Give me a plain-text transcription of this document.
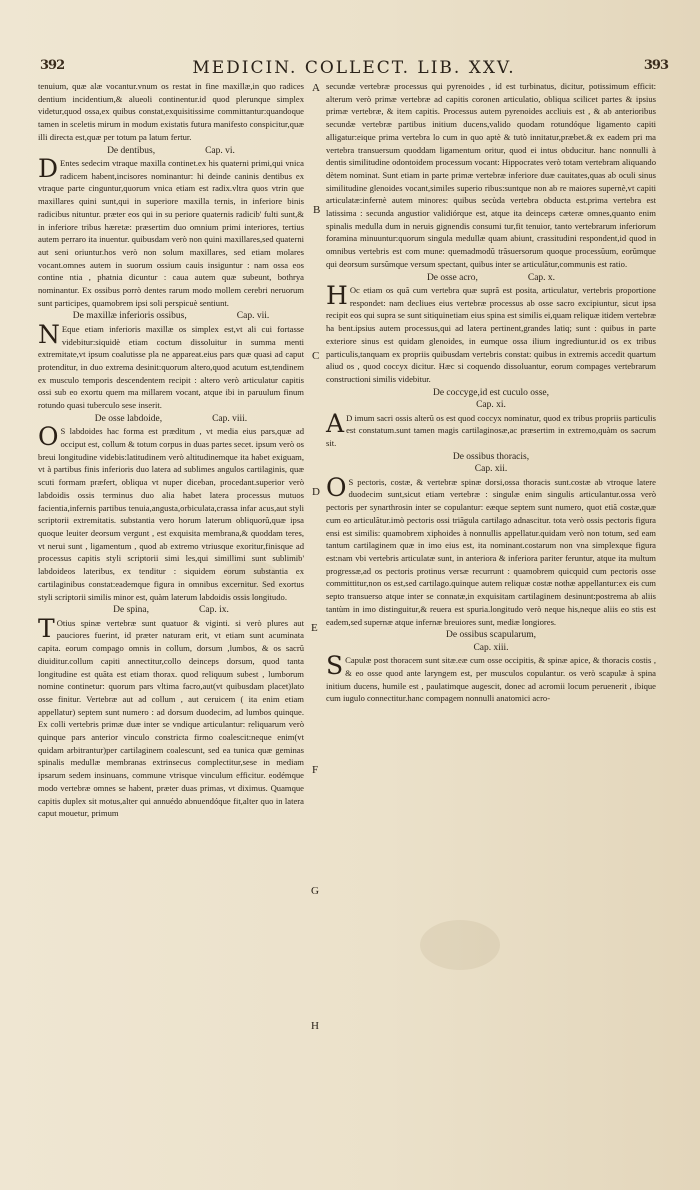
392	MEDICIN. COLLECT. LIB. XXV.	393
A
B
C
D
E
F
G
H

tenuium, quæ alæ vocantur.vnum os restat in fine maxillæ,in quo radices dentium incidentium,& alueoli continentur.id quod plerunque simplex videtur,quod ossa,ex quibus constat,exquisitissime committantur:quandoque tamen in sceletis mirum in modum existatis futura manifesto conspicitur,quæ illi directa est,quæ per totum pa latum fertur.

De dentibus,	Cap. vi.

D Entes sedecim vtraque maxilla continet.ex his quaterni primi,qui vnica radicem habent,incisores nominantur: hi deinde caninis dentibus ex vtraque parte cinguntur,quorum vnica etiam est radix.vltra quos vtrin que maxillares quini sunt,qui in superiore maxilla ternis, in inferiore binis radicibus nituntur. præter eos qui in su periore quaternis radicib' fulti sunt,& in inferiore tribus hæretæ: præsertim duo omnium primi interiores, tertius autem perraro ita inuentur. quibusdam verò non quini maxillares,sed quaterni aut seni oriuntur.hos verò non solum maxillares, sed etiam molares vocant.omnes autem in suorum ossium cauis insiguntur : nam ossa eos contine ntia , phatnia dicuntur : caua autem quæ subeunt, bothrya nominantur. Ex ossibus porrò dentes rarum modo mollem cerebri neruorum sunt participes, quamobrem ipsi soli perspicuè sentiunt.

De maxillæ inferioris ossibus,	Cap. vii.

N Eque etiam inferioris maxillæ os simplex est,vt ali cui fortasse videbitur:siquidè etiam coctum dissoluitur in summa menti extremitate,vt ipsum coalutisse pla ne appareat.eius pars quæ quasi ad caput protenditur, in duo extrema desinit:quorum altero,quod acutum est,tendinem ex musculo temporis descendentem recipit : altero verò articulatur capitis ossi sub eo exortu quem ma millarem vocant, atque ibi in paruulum finum rotundo quasi tuberculo sese inserit.

De osse labdoide,	Cap. viii.

O S labdoides hac forma est præditum , vt media eius pars,quæ ad occiput est, collum & totum corpus in duas partes secet. ipsum verò os breui longitudine videbis:latitudinem verò altitudinemque ita habet exiguam, vt à partibus finis inferioris duo latera ad sublimes angulos cartilaginis, quæ scuti formam præfert, obliqua vt nuper diceban, procedant.superior verò labdoidis ossis terminus duo alia habet latera processus mutuos facientia,infernis partibus tenuia,angusta,orbiculata,crassa infar acus,aut styli scriptorii extremitatis. substantia vero horum laterum obliquorũ,quæ ipsa quoque leuiter deorsum vergunt , est exquisita membrana,& quoddam teres, vt nerui sunt , ligamentum , quod ab extremo vtriusque exoritur,finisque ad processus capitis styli scriptorii simi les,qui simillimi sunt sublimib' labdoideos lateribus, ex tenditur : siquidem eorum substantia ex cartilaginibus constat:eademque figura in omnibus excernitur. Sed exortus styli scriptorii similis minor est, quàm laterum labdoidis ossis longitudo.

De spina,	Cap. ix.

T Otius spinæ vertebræ sunt quatuor & viginti. si verò plures aut pauciores fuerint, id præter naturam erit, vt etiam sunt acuminata capita. eorum compago omnis in collum, dorsum ,lumbos, & os sacrũ diuiditur.collum capiti annectitur,collo deinceps dorsum, quod tanta longitudine est quãta est etiam thorax. quod reliquum subest , lumborum nomine continetur: quorum pars vltima facro,aut(vt quibusdam placet)lato osse finitur. Vertebræ aut ad collum , aut ceruicem ( ita enim etiam appellatur) septem sunt numero : ad dorsum duodecim, ad lumbos quinque. Ex colli vertebris primæ duæ inter se vndique articulantur: reliquarum verò quinque pars anterior vinculo constricta firmo coalescit:neque enim(vt quidam arbitrantur)per cartilaginem coalescunt, sed ea tunica quæ geminas spinalis medullæ membranas extrinsecus complectitur,sese in mediam ipsarum sedem insinuans, commune vtrisque vinculum efficitur. eodémque modo vertebræ omnes se habent, præter duas primas, vt diximus. Quamque capitis duplex sit motus,alter qui annuédo abnuendóque fit,alter quo in latera caput mouetur, primum

secundæ vertebræ processus qui pyrenoides , id est turbinatus, dicitur, potissimum efficit: alterum verò primæ vertebræ ad capitis coronen articulatio, obliqua scilicet partes & ipsius primæ vertebræ, & item capitis. Processus autem pyrenoides accliuis est , & ab anterioribus secundæ vertebræ partibus initium ducens,valido quodam rotundóque ligamento capiti alligatur:eique prima vertebra lo cum in quo aptè & tutò innitatur,præbet.& ex eadem pri ma vertebra transuersum quoddam ligamentum oritur, quod ei intus obducitur. hanc nonnulli à dentis similitudine odontoidem processum vocant: Hippocrates verò totam vertebram aliquando dètem nominat. Sunt etiam in parte primæ vertebræ inferiore duæ cauitates,quas ab oculi sinus similitudine glenoides vocant,similes superio ribus:suntque non ab re maiores supernè,vt capiti articulatæ:infernè autem minores: quibus secùda vertebra obducta est.prima vertebra est latissima : secunda angustior validiórque est, atque ita deinceps cæteræ omnes,quanto enim spinalis medulla dum in neruis gignendis consumi tur,fit tenuior, tanto vertebrarum inferiorum foramina minuuntur:quorum singula medullæ quam abiunt, crassitudini respondent,id quod in omnibus vertebris est com mune: quemadmodũ trãsuersorum quoque processũum, eorũmque qui deorsum sursũmque versum spectant, quibus inter se articulãtur,communis est ratio.

De osse acro,	Cap. x.

H Oc etiam os quã cum vertebra quæ suprã est posita, articulatur, vertebris proportione respondet: nam decliues eius vertebræ processus ab osse sacro excipiuntur, sicut ipsa recipit eos qui supra se sunt sitiquinetiam eius spina est similis ei,quam reliquæ itidem vertebræ ha bent.ipsius autem processus,qui ad latera pertinent,grandes latiq; sunt : quibus in parte exteriore sinus est quidam glenoides, in eumque ossa ilium ingrediuntur.id os ex tribus particulis,tanquam ex propriis quibusdam vertebris constat: quibus in extremis accedit quartum aliud os , quod coccyx dicitur. Hæc si coquendo dissoluantur, eorum compages vertebrarum constructioni similis videbitur.

De coccyge,id est cuculo osse,
Cap. xi.

A D imum sacri ossis alterũ os est quod coccyx nominatur, quod ex tribus propriis particulis est constatum.sunt tamen magis cartilaginosæ,ac præsertim in extremo,quàm os sacrum sit.

De ossibus thoracis,
Cap. xii.

O S pectoris, costæ, & vertebræ spinæ dorsi,ossa thoracis sunt.costæ ab vtroque latere duodecim sunt,sicut etiam vertebræ : singulæ enim singulis articulantur.ossa verò pectoris per synarthrosin inter se copulantur: eæque septem sunt numero, quot etiã costæ,quæ cum eo articulãtur.imò pectoris ossi triãgula cartilago adnascitur. tota verò ossis pectoris figura ensi est similis: quamobrem xiphoides à nonnullis appellatur.quidam verò non totum, sed eam tantum cartilaginem quæ in imo eius est, ita nominant.costarum non vna simplexque figura est:nam vbi vertebris articulatæ sunt, in anteriora & inferiora pariter feruntur, atque ita multum progressæ,ad os pectoris protinus versæ recurrunt : quamobrem quicquid cum pectoris osse committitur,non os est,sed cartilago.quinque autem reliquæ costæ nothæ appellantur:ex eis cum septo transuerso atque inter se connatæ,in exquisitam cartilaginem desinunt:postrema ab aliis tantùm in imo distinguitur,& reuera est spuria.longitudo verò neque his,neque aliis eo stis est eadem,sed supernæ atque infernæ breuiores sunt, mediæ longiores.

De ossibus scapularum,
Cap. xiii.

S Capulæ post thoracem sunt sitæ.eæ cum osse occipitis, & spinæ apice, & thoracis costis , & eo osse quod ante laryngem est, per musculos copulantur. os verò scapulæ à spina initium ducens, humile est , paulatimque augescit, donec ad acromii locum peruenerit , ibique cum iugulo connectitur.hanc compagem nonnulli anatomici acro-
